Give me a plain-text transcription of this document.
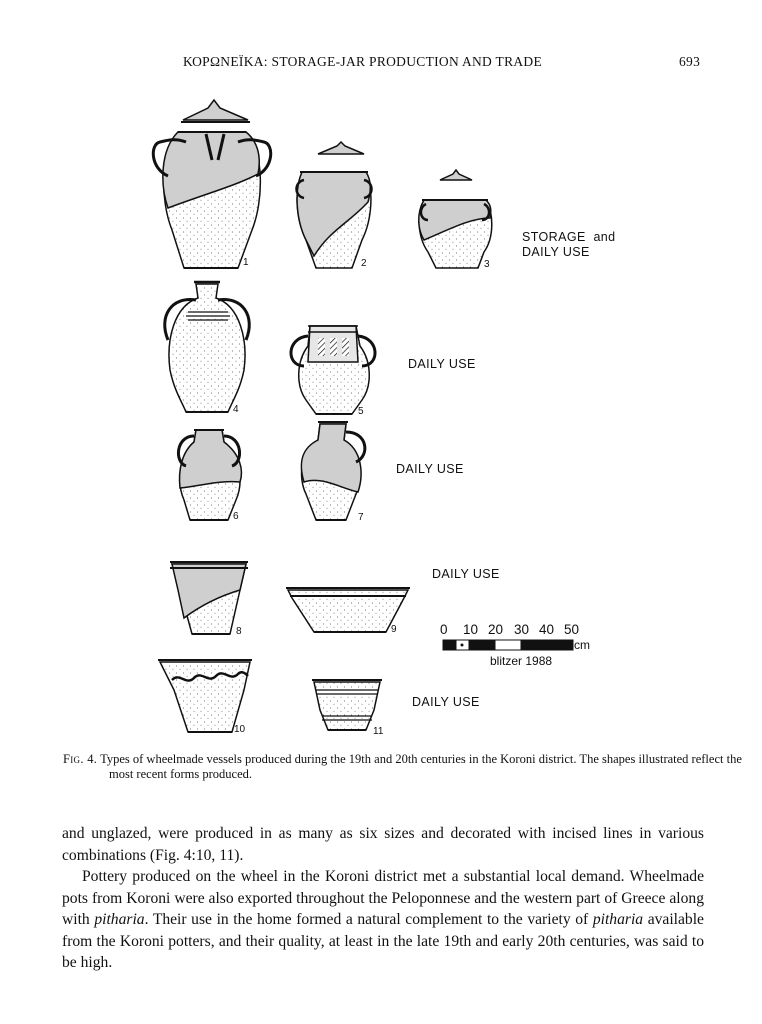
ΚΟΡΩΝΕΪΚΑ: STORAGE-JAR PRODUCTION AND TRADE	693
1	2	3
4	5
6	7
8	9
10	11
STORAGE  and
DAILY USE
DAILY USE
DAILY USE
DAILY USE
DAILY USE
0 10 20 30 40 50
cm
blitzer 1988
Fig. 4. Types of wheelmade vessels produced during the 19th and 20th centuries in the Koroni district. The shapes illustrated reflect the most recent forms produced.

and unglazed, were produced in as many as six sizes and decorated with incised lines in various combinations (Fig. 4:10, 11).

Pottery produced on the wheel in the Koroni district met a substantial local demand. Wheelmade pots from Koroni were also exported throughout the Peloponnese and the western part of Greece along with pitharia. Their use in the home formed a natural complement to the variety of pitharia available from the Koroni potters, and their quality, at least in the late 19th and early 20th centuries, was said to be high.
